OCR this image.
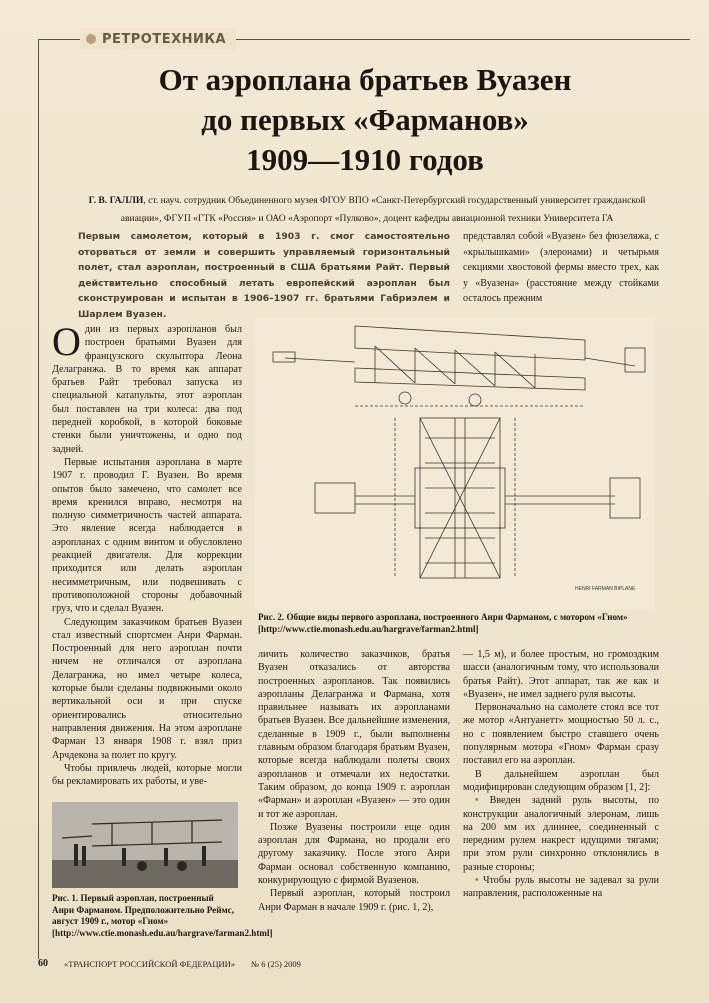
РЕТРОТЕХНИКА
От аэроплана братьев Вуазен
до первых «Фарманов»
1909—1910 годов
Г. В. ГАЛЛИ, ст. науч. сотрудник Объединенного музея ФГОУ ВПО «Санкт-Петербургский государственный университет гражданской
авиации», ФГУП «ГТК «Россия» и ОАО «Аэропорт «Пулково», доцент кафедры авиационной техники Университета ГА
Первым самолетом, который в 1903 г. смог самостоятельно оторваться от земли и совершить управляемый горизонтальный полет, стал аэроплан, построенный в США братьями Райт. Первый действительно способный летать европейский аэроплан был сконструирован и испытан в 1906–1907 гг. братьями Габриэлем и Шарлем Вуазен.
представлял собой «Вуазен» без фюзеляжа, с «крылышками» (элеронами) и четырьмя секциями хвостовой фермы вместо трех, как у «Вуазена» (расстояние между стойками осталось прежним

Один из первых аэропланов был построен братьями Вуазен для французского скульптора Леона Делагранжа. В то время как аппарат братьев Райт требовал запуска из специальной катапульты, этот аэроплан был поставлен на три колеса: два под передней коробкой, в которой боковые стенки были уничтожены, и одно под задней.

Первые испытания аэроплана в марте 1907 г. проводил Г. Вуазен. Во время опытов было замечено, что самолет все время кренился вправо, несмотря на полную симметричность частей аппарата. Это явление всегда наблюдается в аэропланах с одним винтом и обусловлено реакцией двигателя. Для коррекции приходится или делать аэроплан несимметричным, или подвешивать с противоположной стороны добавочный груз, что и сделал Вуазен.

Следующим заказчиком братьев Вуазен стал известный спортсмен Анри Фарман. Построенный для него аэроплан почти ничем не отличался от аэроплана Делагранжа, но имел четыре колеса, которые были сделаны подвижными около вертикальной оси и при спуске ориентировались относительно направления движения. На этом аэроплане Фарман 13 января 1908 г. взял приз Арчдекона за полет по кругу.

Чтобы привлечь людей, которые могли бы рекламировать их работы, и уве-

HENRI FARMAN BIPLANE
Рис. 2. Общие виды первого аэроплана, построенного Анри Фарманом, с мотором «Гном» [http://www.ctie.monash.edu.au/hargrave/farman2.html]

личить количество заказчиков, братья Вуазен отказались от авторства построенных аэропланов. Так появились аэропланы Делагранжа и Фармана, хотя правильнее называть их аэропланами братьев Вуазен. Все дальнейшие изменения, сделанные в 1909 г., были выполнены главным образом благодаря братьям Вуазен, которые всегда наблюдали полеты своих аэропланов и отмечали их недостатки. Таким образом, до конца 1909 г. аэроплан «Фарман» и аэроплан «Вуазен» — это один и тот же аэроплан.

Позже Вуазены построили еще один аэроплан для Фармана, но продали его другому заказчику. После этого Анри Фарман основал собственную компанию, конкурирующую с фирмой Вуазенов.

Первый аэроплан, который построил Анри Фарман в начале 1909 г. (рис. 1, 2),

— 1,5 м), и более простым, но громоздким шасси (аналогичным тому, что использовали братья Райт). Этот аппарат, так же как и «Вуазен», не имел заднего руля высоты.

Первоначально на самолете стоял все тот же мотор «Антуанетт» мощностью 50 л. с., но с появлением быстро ставшего очень популярным мотора «Гном» Фарман сразу поставил его на аэроплан.

В дальнейшем аэроплан был модифицирован следующим образом [1, 2]:

• Введен задний руль высоты, по конструкции аналогичный элеронам, лишь на 200 мм их длиннее, соединенный с передним рулем накрест идущими тягами; при этом рули синхронно отклонялись в разные стороны;

• Чтобы руль высоты не задевал за рули направления, расположенные на

Рис. 1. Первый аэроплан, построенный Анри Фарманом. Предположительно Реймс, август 1909 г., мотор «Гном» [http://www.ctie.monash.edu.au/hargrave/farman2.html]
60 «ТРАНСПОРТ РОССИЙСКОЙ ФЕДЕРАЦИИ» № 6 (25) 2009
